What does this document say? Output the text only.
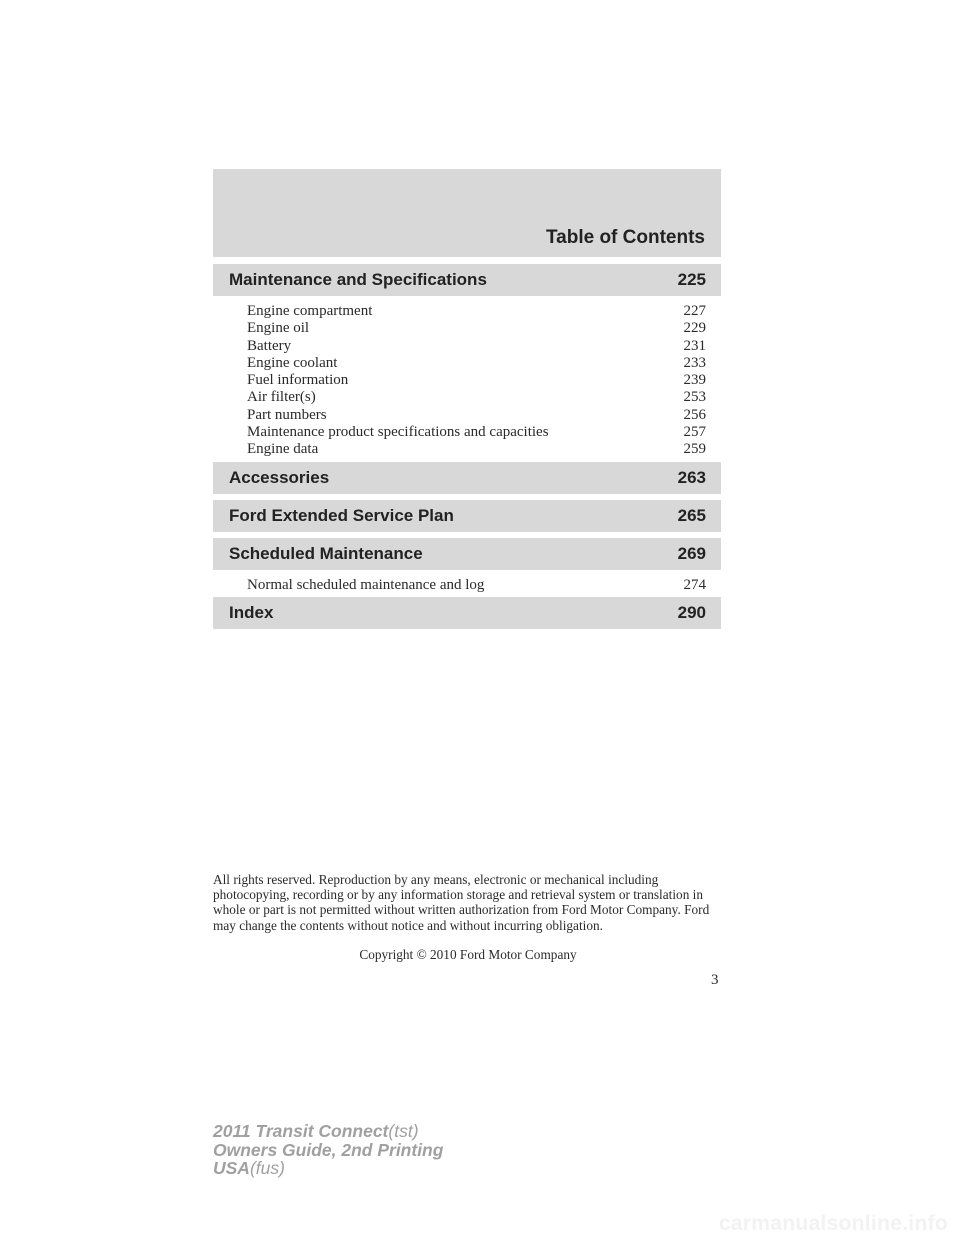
Table of Contents
Maintenance and Specifications	225
Engine compartment	227
Engine oil	229
Battery	231
Engine coolant	233
Fuel information	239
Air filter(s)	253
Part numbers	256
Maintenance product specifications and capacities	257
Engine data	259
Accessories	263
Ford Extended Service Plan	265
Scheduled Maintenance	269
Normal scheduled maintenance and log	274
Index	290
All rights reserved. Reproduction by any means, electronic or mechanical including photocopying, recording or by any information storage and retrieval system or translation in whole or part is not permitted without written authorization from Ford Motor Company. Ford may change the contents without notice and without incurring obligation.
Copyright © 2010 Ford Motor Company
3
2011 Transit Connect(tst)
Owners Guide, 2nd Printing
USA(fus)
carmanualsonline.info
